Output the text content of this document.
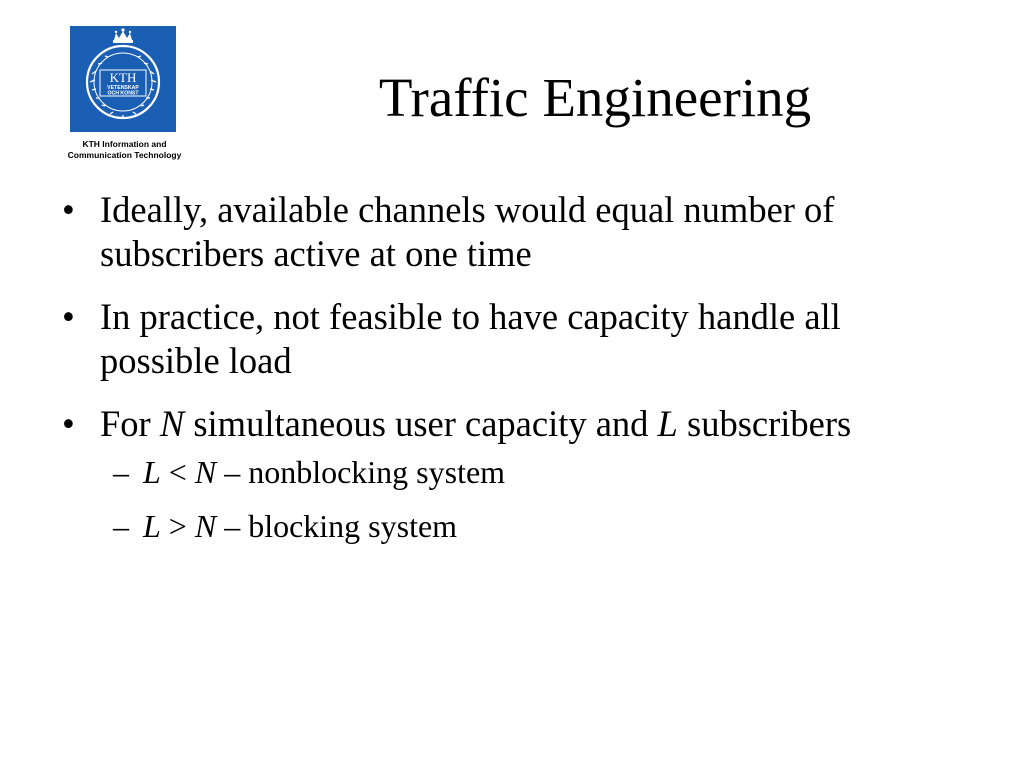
KTH
VETENSKAP
OCH KONST
KTH Information and
Communication Technology
Traffic Engineering
• Ideally, available channels would equal number of subscribers active at one time
• In practice, not feasible to have capacity handle all possible load
• For N simultaneous user capacity and L subscribers
– L < N – nonblocking system
– L > N – blocking system
